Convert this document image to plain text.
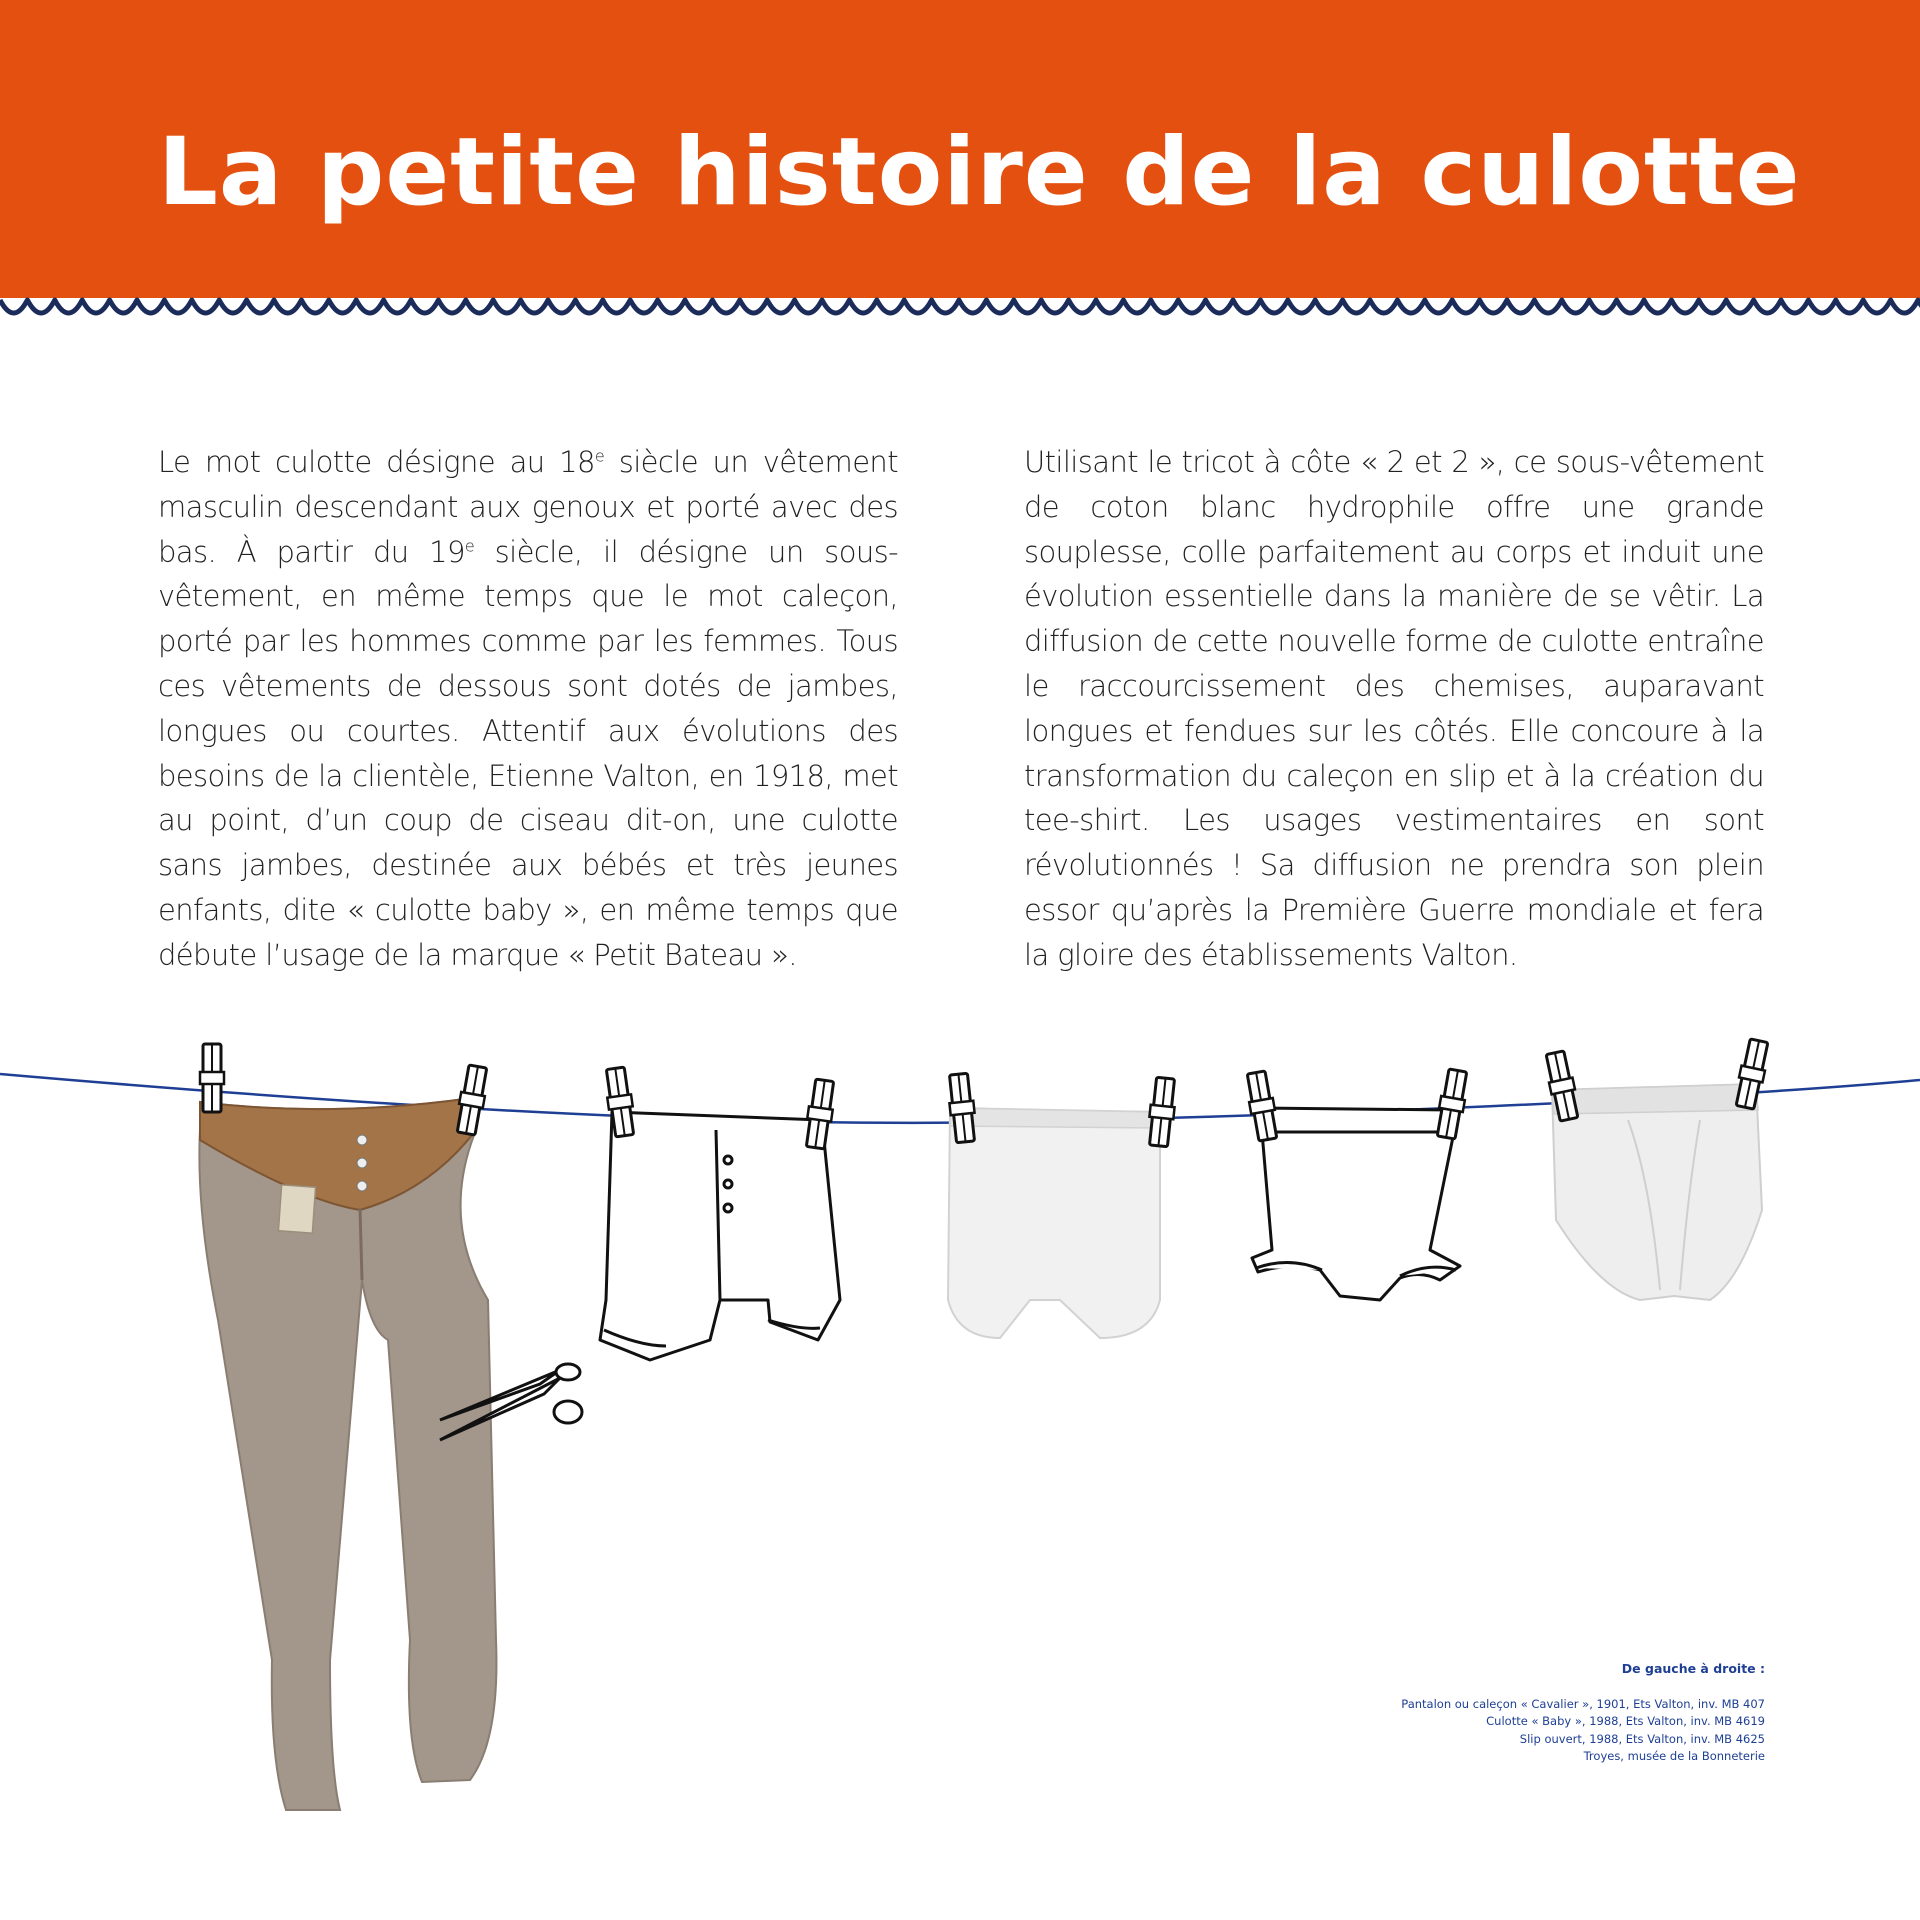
La petite histoire de la culotte

Le mot culotte désigne au 18e siècle un vêtement masculin descendant aux genoux et porté avec des bas. À partir du 19e siècle, il désigne un sous-vêtement, en même temps que le mot caleçon, porté par les hommes comme par les femmes. Tous ces vêtements de dessous sont dotés de jambes, longues ou courtes. Attentif aux évolutions des besoins de la clientèle, Etienne Valton, en 1918, met au point, d’un coup de ciseau dit-on, une culotte sans jambes, destinée aux bébés et très jeunes enfants, dite « culotte baby », en même temps que débute l’usage de la marque « Petit Bateau ».

Utilisant le tricot à côte « 2 et 2 », ce sous-vêtement de coton blanc hydrophile offre une grande souplesse, colle parfaitement au corps et induit une évolution essentielle dans la manière de se vêtir. La diffusion de cette nouvelle forme de culotte entraîne le raccourcissement des chemises, auparavant longues et fendues sur les côtés. Elle concoure à la transformation du caleçon en slip et à la création du tee-shirt. Les usages vestimentaires en sont révolutionnés ! Sa diffusion ne prendra son plein essor qu’après la Première Guerre mondiale et fera la gloire des établissements Valton.

De gauche à droite :
Pantalon ou caleçon « Cavalier », 1901, Ets Valton, inv. MB 407
Culotte « Baby », 1988, Ets Valton, inv. MB 4619
Slip ouvert, 1988, Ets Valton, inv. MB 4625
Troyes, musée de la Bonneterie
